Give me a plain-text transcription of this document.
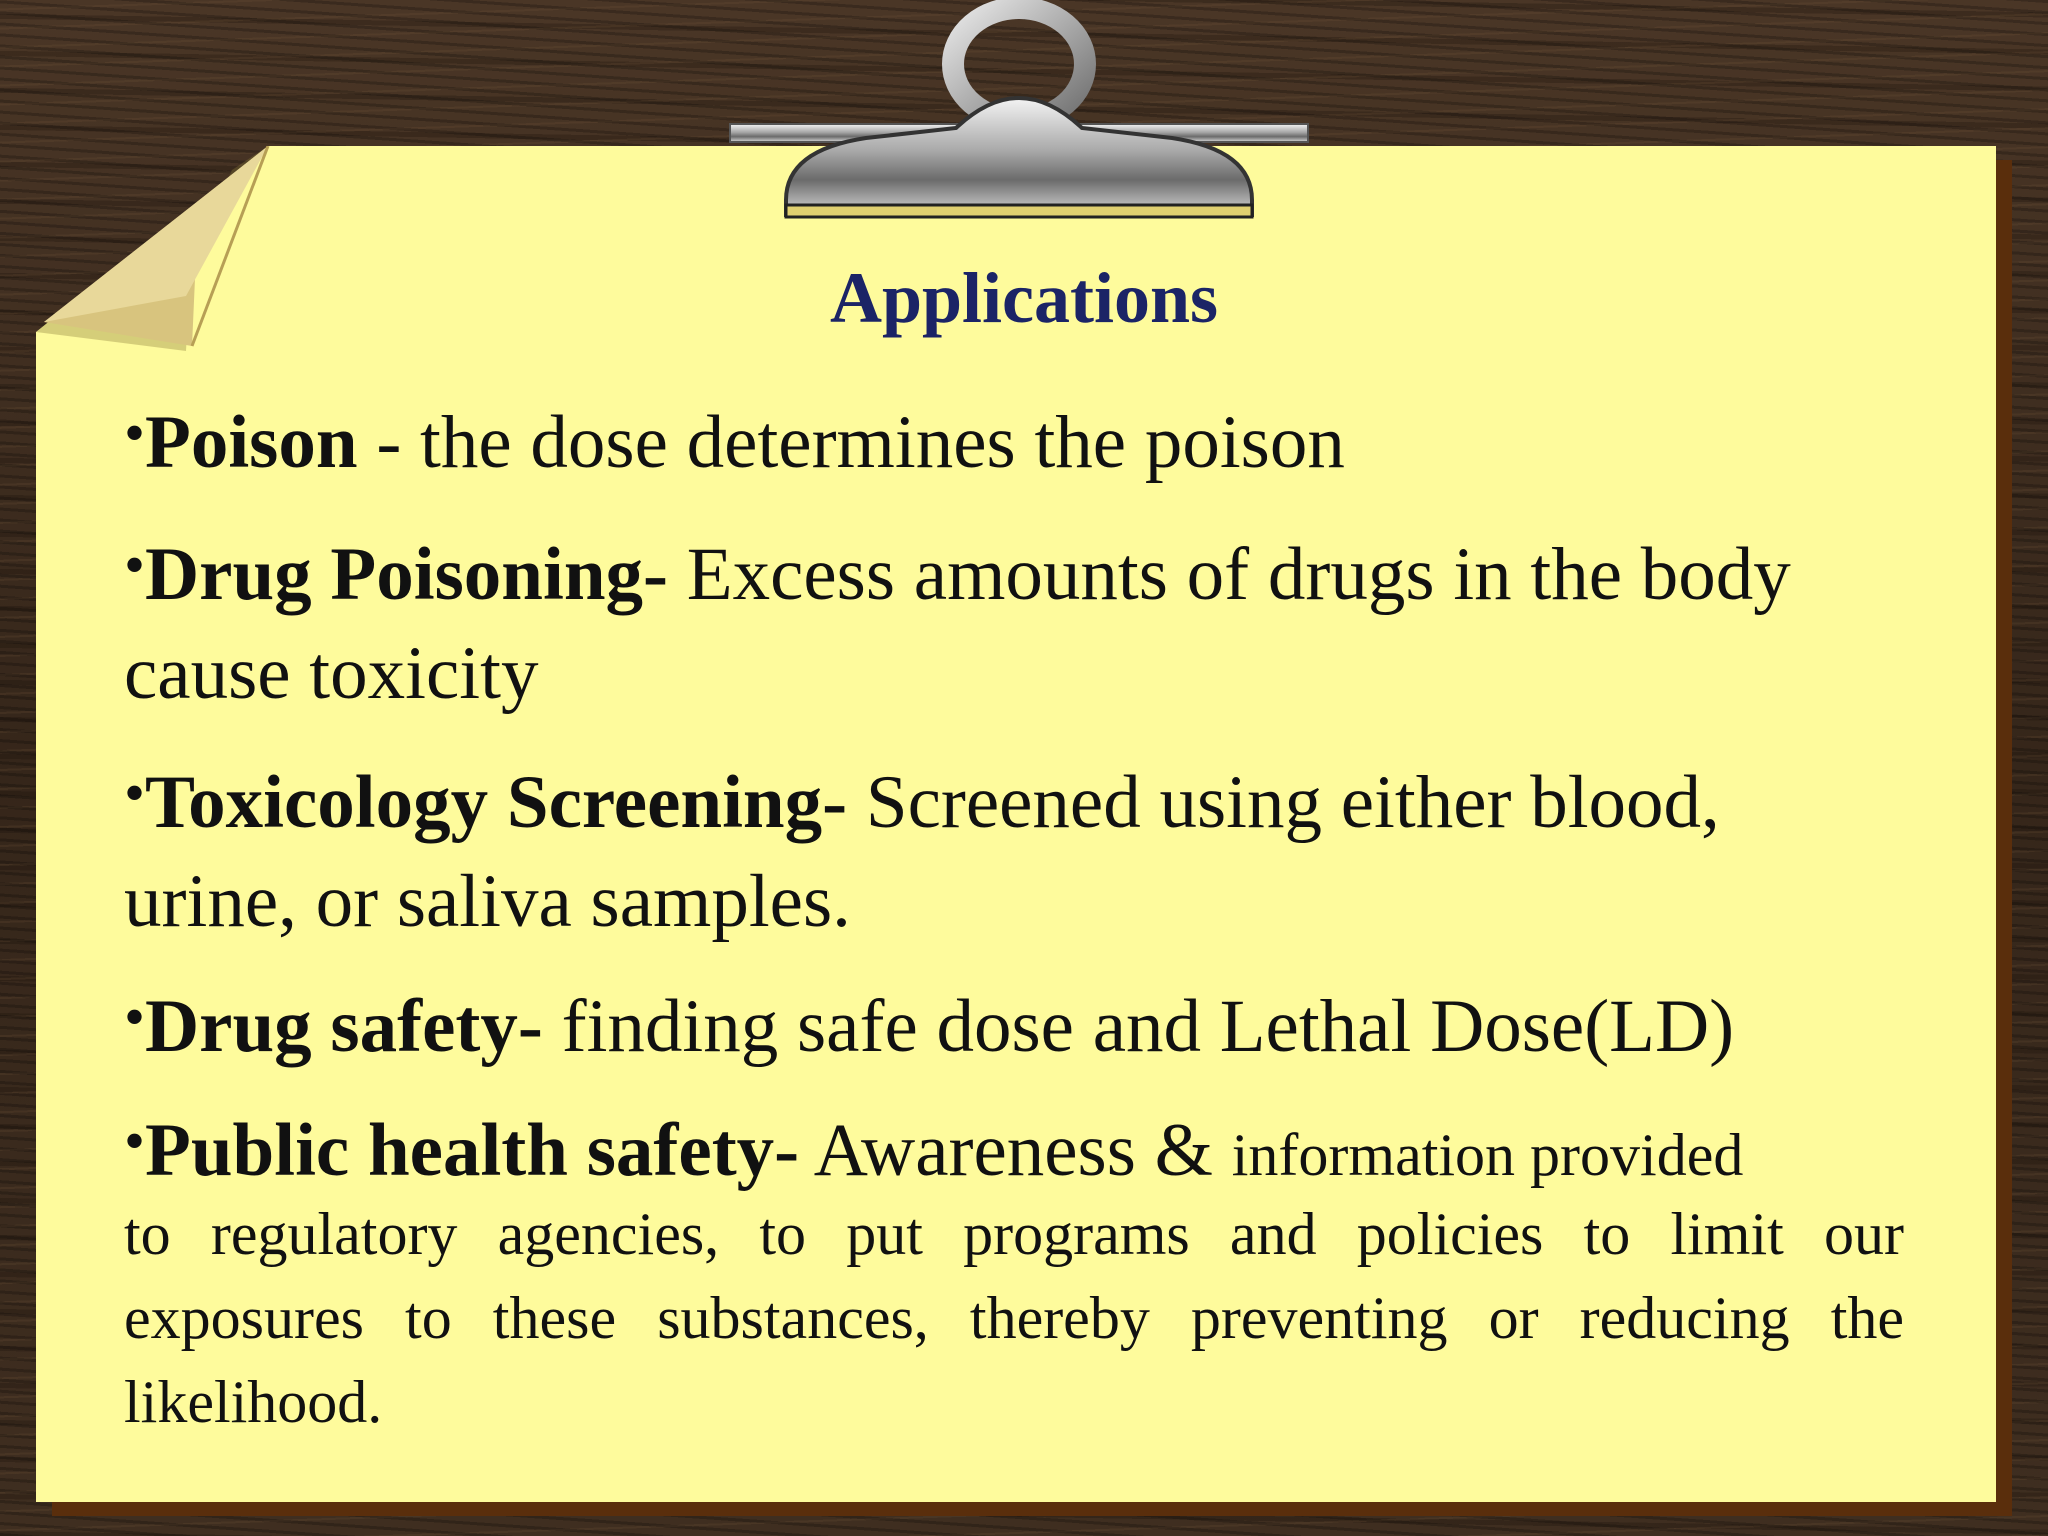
Applications

•Poison - the dose determines the poison

•Drug Poisoning- Excess amounts of drugs in the body cause toxicity

•Toxicology Screening- Screened using either blood, urine, or saliva samples.

•Drug safety- finding safe dose and Lethal Dose(LD)

•Public health safety- Awareness & information provided

to regulatory agencies, to put programs and policies to limit our exposures to these substances, thereby preventing or reducing the likelihood.
